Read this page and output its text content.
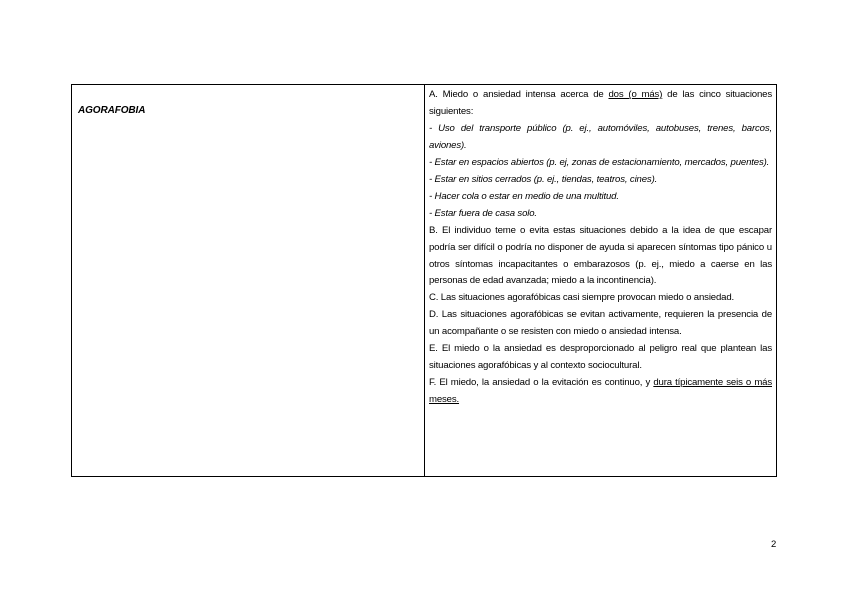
AGORAFOBIA

A. Miedo o ansiedad intensa acerca de dos (o más) de las cinco situaciones siguientes:

- Uso del transporte público (p. ej., automóviles, autobuses, trenes, barcos, aviones).

- Estar en espacios abiertos (p. ej, zonas de estacionamiento, mercados, puentes).

- Estar en sitios cerrados (p. ej., tiendas, teatros, cines).

- Hacer cola o estar en medio de una multitud.

- Estar fuera de casa solo.

B. El individuo teme o evita estas situaciones debido a la idea de que escapar podría ser difícil o podría no disponer de ayuda si aparecen síntomas tipo pánico u otros síntomas incapacitantes o embarazosos (p. ej., miedo a caerse en las personas de edad avanzada; miedo a la incontinencia).

C. Las situaciones agorafóbicas casi siempre provocan miedo o ansiedad.

D. Las situaciones agorafóbicas se evitan activamente, requieren la presencia de un acompañante o se resisten con miedo o ansiedad intensa.

E. El miedo o la ansiedad es desproporcionado al peligro real que plantean las situaciones agorafóbicas y al contexto sociocultural.

F. El miedo, la ansiedad o la evitación es continuo, y dura típicamente seis o más meses.

2
